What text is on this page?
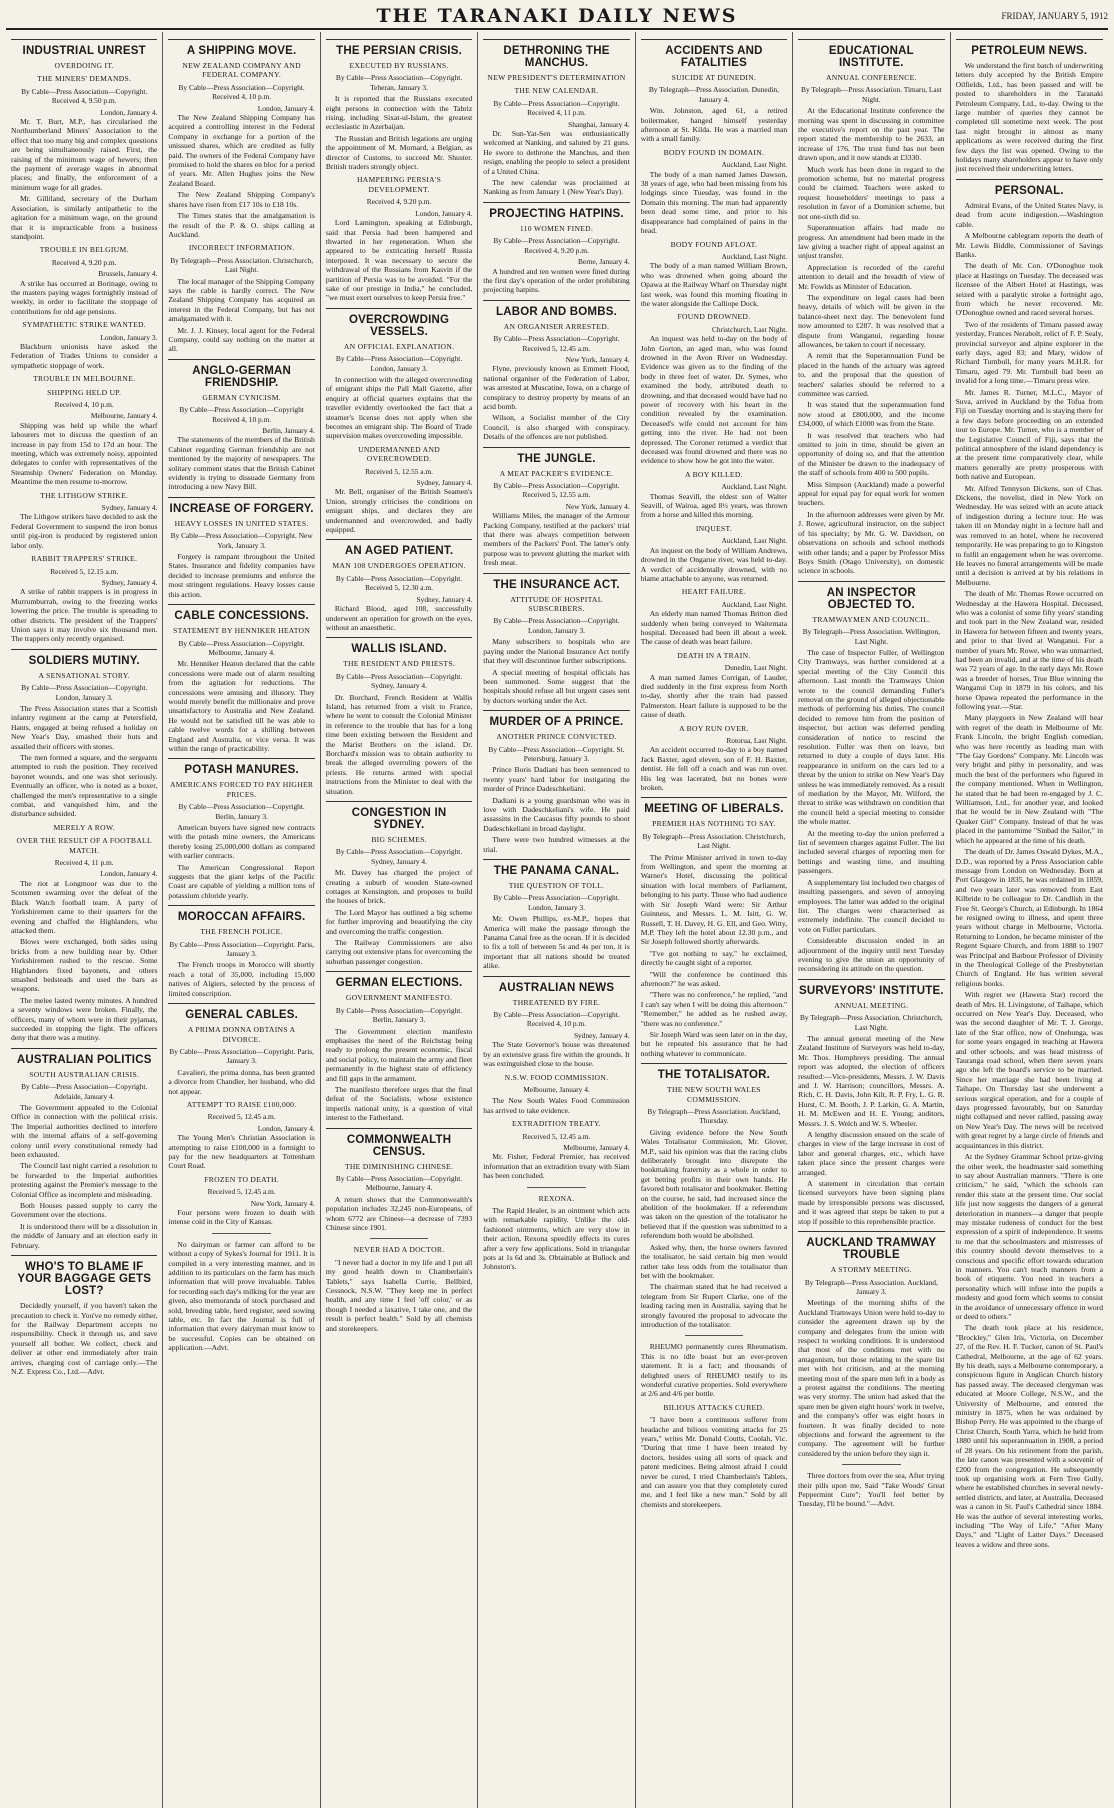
THE TARANAKI DAILY NEWS	FRIDAY, JANUARY 5, 1912
INDUSTRIAL UNREST
OVERDOING IT.
THE MINERS' DEMANDS.
By Cable—Press Association—Copyright. Received 4, 9.50 p.m.
London, January 4.

Mr. T. Burt, M.P., has circularised the Northumberland Miners' Association to the effect that too many big and complex questions are being simultaneously raised. First, the raising of the minimum wage of hewers; then the payment of average wages in abnormal places; and finally, the enforcement of a minimum wage for all grades.

Mr. Gilliland, secretary of the Durham Association, is similarly antipathetic to the agitation for a minimum wage, on the ground that it is impracticable from a business standpoint.

TROUBLE IN BELGIUM.
Received 4, 9.20 p.m.
Brussels, January 4.

A strike has occurred at Borinage, owing to the masters paying wages fortnightly instead of weekly, in order to facilitate the stoppage of contributions for old age pensions.

SYMPATHETIC STRIKE WANTED.
London, January 3.

Blackburn unionists have asked the Federation of Trades Unions to consider a sympathetic stoppage of work.

TROUBLE IN MELBOURNE.
SHIPPING HELD UP.
Received 4, 10 p.m.
Melbourne, January 4.

Shipping was held up while the wharf labourers met to discuss the question of an increase in pay from 15d to 17d an hour. The meeting, which was extremely noisy, appointed delegates to confer with representatives of the Steamship Owners' Federation on Monday. Meantime the men resume to-morrow.

THE LITHGOW STRIKE.
Sydney, January 4.

The Lithgow strikers have decided to ask the Federal Government to suspend the iron bonus until pig-iron is produced by registered union labor only.

RABBIT TRAPPERS' STRIKE.
Received 5, 12.15 a.m.
Sydney, January 4.

A strike of rabbit trappers is in progress in Murrumburrah, owing to the freezing works lowering the price. The trouble is spreading to other districts. The president of the Trappers' Union says it may involve six thousand men. The trappers only recently organised.

SOLDIERS MUTINY.
A SENSATIONAL STORY.
By Cable—Press Association—Copyright. London, January 3.

The Press Association states that a Scottish infantry regiment at the camp at Petersfield, Hants, engaged at being refused a holiday on New Year's Day, smashed their huts and assailed their officers with stones.

The men formed a square, and the sergeants attempted to rush the position. They received bayonet wounds, and one was shot seriously. Eventually an officer, who is noted as a boxer, challenged the men's representative to a single combat, and vanquished him, and the disturbance subsided.

MERELY A ROW.
OVER THE RESULT OF A FOOTBALL MATCH.
Received 4, 11 p.m.
London, January 4.

The riot at Longmoor was due to the Scotsmen swarming over the defeat of the Black Watch football team. A party of Yorkshiremen came to their quarters for the evening and chaffed the Highlanders, who attacked them.

Blows were exchanged, both sides using bricks from a new building near by. Other Yorkshiremen rushed to the rescue. Some Highlanders fixed bayonets, and others smashed bedsteads and used the bars as weapons.

The melee lasted twenty minutes. A hundred a seventy windows were broken. Finally, the officers, many of whom were in their pyjamas, succeeded in stopping the fight. The officers deny that there was a mutiny.

AUSTRALIAN POLITICS
SOUTH AUSTRALIAN CRISIS.
By Cable—Press Association—Copyright. Adelaide, January 4.

The Government appealed to the Colonial Office in connection with the political crisis. The Imperial authorities declined to interfere with the internal affairs of a self-governing colony until every constitutional remedy had been exhausted.

The Council last night carried a resolution to be forwarded to the Imperial authorities protesting against the Premier's message to the Colonial Office as incomplete and misleading.

Both Houses passed supply to carry the Government over the elections.

It is understood there will be a dissolution in the middle of January and an election early in February.

WHO'S TO BLAME IF YOUR BAGGAGE GETS LOST?

Decidedly yourself, if you haven't taken the precaution to check it. You've no remedy either, for the Railway Department accepts no responsibility. Check it through us, and save yourself all bother. We collect, check and deliver at other end immediately after train arrives, charging cost of carriage only.—The N.Z. Express Co., Ltd.—Advt.

A SHIPPING MOVE.
NEW ZEALAND COMPANY AND FEDERAL COMPANY.
By Cable—Press Association—Copyright. Received 4, 10 p.m.
London, January 4.

The New Zealand Shipping Company has acquired a controlling interest in the Federal Company in exchange for a portion of the unissued shares, which are credited as fully paid. The owners of the Federal Company have promised to hold the shares en bloc for a period of years. Mr. Allen Hughes joins the New Zealand Board.

The New Zealand Shipping Company's shares have risen from £17 10s to £18 10s.

The Times states that the amalgamation is the result of the P. & O. ships calling at Auckland.

INCORRECT INFORMATION.
By Telegraph—Press Association. Christchurch, Last Night.

The local manager of the Shipping Company says the cable is hardly correct. The New Zealand Shipping Company has acquired an interest in the Federal Company, but has not amalgamated with it.

Mr. J. J. Kinsey, local agent for the Federal Company, could say nothing on the matter at all.

ANGLO-GERMAN FRIENDSHIP.
GERMAN CYNICISM.
By Cable—Press Association—Copyright Received 4, 10 p.m.
Berlin, January 4.

The statements of the members of the British Cabinet regarding German friendship are not mentioned by the majority of newspapers. The solitary comment states that the British Cabinet evidently is trying to dissuade Germany from introducing a new Navy Bill.

INCREASE OF FORGERY.
HEAVY LOSSES IN UNITED STATES.
By Cable—Press Association—Copyright. New York, January 3.

Forgery is rampant throughout the United States. Insurance and fidelity companies have decided to increase premiums and enforce the most stringent regulations. Heavy losses cause this action.

CABLE CONCESSIONS.
STATEMENT BY HENNIKER HEATON
By Cable—Press Association—Copyright. Melbourne, January 4.

Mr. Henniker Heaton declared that the cable concessions were made out of alarm resulting from the agitation for reductions. The concessions were amusing and illusory. They would merely benefit the millionaire and prove unsatisfactory to Australia and New Zealand. He would not be satisfied till he was able to cable twelve words for a shilling between England and Australia, or vice versa. It was within the range of practicability.

POTASH MANURES.
AMERICANS FORCED TO PAY HIGHER PRICES.
By Cable—Press Association—Copyright. Berlin, January 3.

American buyers have signed new contracts with the potash mine owners, the Americans thereby losing 25,000,000 dollars as compared with earlier contracts.

The American Congressional Report suggests that the giant kelps of the Pacific Coast are capable of yielding a million tons of potassium chloride yearly.

MOROCCAN AFFAIRS.
THE FRENCH POLICE.
By Cable—Press Association—Copyright. Paris, January 3.

The French troops in Morocco will shortly reach a total of 35,000, including 15,000 natives of Algiers, selected by the process of limited conscription.

GENERAL CABLES.
A PRIMA DONNA OBTAINS A DIVORCE.
By Cable—Press Association—Copyright. Paris, January 3.

Cavalieri, the prima donna, has been granted a divorce from Chandler, her husband, who did not appear.

ATTEMPT TO RAISE £100,000.
Received 5, 12.45 a.m.
London, January 4.

The Young Men's Christian Association is attempting to raise £100,000 in a fortnight to pay for the new headquarters at Tottenham Court Road.

FROZEN TO DEATH.
Received 5, 12.45 a.m.
New York, January 4.

Four persons were frozen to death with intense cold in the City of Kansas.

No dairyman or farmer can afford to be without a copy of Sykes's Journal for 1911. It is compiled in a very interesting manner, and in addition to its particulars on the farm has much information that will prove invaluable. Tables for recording each day's milking for the year are given, also memoranda of stock purchased and sold, breeding table, herd register, seed sowing table, etc. In fact the Journal is full of information that every dairyman must know to be successful. Copies can be obtained on application.—Advt.

THE PERSIAN CRISIS.
EXECUTED BY RUSSIANS.
By Cable—Press Association—Copyright. Teheran, January 3.

It is reported that the Russians executed eight persons in connection with the Tabriz rising, including Sixat-ul-Islam, the greatest ecclesiastic in Azerbaijan.

The Russian and British legations are urging the appointment of M. Mornard, a Belgian, as director of Customs, to succeed Mr. Shuster. British traders strongly object.

HAMPERING PERSIA'S DEVELOPMENT.
Received 4, 9.20 p.m.
London, January 4.

Lord Lamington, speaking at Edinburgh, said that Persia had been hampered and thwarted in her regeneration. When she appeared to be extricating herself Russia interposed. It was necessary to secure the withdrawal of the Russians from Kasvin if the partition of Persia was to be avoided. "For the sake of our prestige in India," he concluded, "we must exert ourselves to keep Persia free."

OVERCROWDING VESSELS.
AN OFFICIAL EXPLANATION.
By Cable—Press Association—Copyright. London, January 3.

In connection with the alleged overcrowding of emigrant ships the Pall Mall Gazette, after enquiry at official quarters explains that the traveller evidently overlooked the fact that a steamer's license does not apply when she becomes an emigrant ship. The Board of Trade supervision makes overcrowding impossible.

UNDERMANNED AND OVERCROWDED.
Received 5, 12.55 a.m.
Sydney, January 4.

Mr. Bell, organiser of the British Seamen's Union, strongly criticises the conditions on emigrant ships, and declares they are undermanned and overcrowded, and badly equipped.

AN AGED PATIENT.
MAN 108 UNDERGOES OPERATION.
By Cable—Press Association—Copyright. Received 5, 12.30 a.m.
Sydney, January 4.

Richard Blood, aged 108, successfully underwent an operation for growth on the eyes, without an anaesthetic.

WALLIS ISLAND.
THE RESIDENT AND PRIESTS.
By Cable—Press Association—Copyright. Sydney, January 4.

Dr. Borchard, French Resident at Wallis Island, has returned from a visit to France, where he went to consult the Colonial Minister in reference to the trouble that has for a long time been existing between the Resident and the Marist Brothers on the island. Dr. Borchard's mission was to obtain authority to break the alleged overruling powers of the priests. He returns armed with special instructions from the Minister to deal with the situation.

CONGESTION IN SYDNEY.
BIG SCHEMES.
By Cable—Press Association—Copyright. Sydney, January 4.

Mr. Davey has charged the project of creating a suburb of wooden State-owned cottages at Kensington, and proposes to build the houses of brick.

The Lord Mayor has outlined a big scheme for further improving and beautifying the city and overcoming the traffic congestion.

The Railway Commissioners are also carrying out extensive plans for overcoming the suburban passenger congestion.

GERMAN ELECTIONS.
GOVERNMENT MANIFESTO.
By Cable—Press Association—Copyright. Berlin, January 3.

The Government election manifesto emphasises the need of the Reichstag being ready to prolong the present economic, fiscal and social policy, to maintain the army and fleet permanently in the highest state of efficiency and fill gaps in the armament.

The manifesto therefore urges that the final defeat of the Socialists, whose existence imperils national unity, is a question of vital interest to the Fatherland.

COMMONWEALTH CENSUS.
THE DIMINISHING CHINESE.
By Cable—Press Association—Copyright. Melbourne, January 4.

A return shows that the Commonwealth's population includes 32,245 non-Europeans, of whom 6772 are Chinese—a decrease of 7393 Chinese since 1901.

NEVER HAD A DOCTOR.

"I never had a doctor in my life and I put all my good health down to Chamberlain's Tablets," says Isabella Currie, Bellbird, Cessnock, N.S.W. "They keep me in perfect health, and any time I feel 'off color,' or as though I needed a laxative, I take one, and the result is perfect health." Sold by all chemists and storekeepers.

DETHRONING THE MANCHUS.
NEW PRESIDENT'S DETERMINATION
THE NEW CALENDAR.
By Cable—Press Association—Copyright. Received 4, 11 p.m.
Shanghai, January 4.

Dr. Sun-Yat-Sen was enthusiastically welcomed at Nanking, and saluted by 21 guns. He swore to dethrone the Manchus, and then resign, enabling the people to select a president of a United China.

The new calendar was proclaimed at Nanking as from January 1 (New Year's Day).

PROJECTING HATPINS.
110 WOMEN FINED.
By Cable—Press Association—Copyright. Received 4, 9.20 p.m.
Berne, January 4.

A hundred and ten women were fined during the first day's operation of the order prohibiting projecting hatpins.

LABOR AND BOMBS.
AN ORGANISER ARRESTED.
By Cable—Press Association—Copyright. Received 5, 12.45 a.m.
New York, January 4.

Flyne, previously known as Emmett Flood, national organiser of the Federation of Labor, was arrested at Muscatine, Iowa, on a charge of conspiracy to destroy property by means of an acid bomb.

Wilson, a Socialist member of the City Council, is also charged with conspiracy. Details of the offences are not published.

THE JUNGLE.
A MEAT PACKER'S EVIDENCE.
By Cable—Press Association—Copyright. Received 5, 12.55 a.m.
New York, January 4.

Williams Miles, the manager of the Armour Packing Company, testified at the packers' trial that there was always competition between members of the Packers' Pool. The latter's only purpose was to prevent glutting the market with fresh meat.

THE INSURANCE ACT.
ATTITUDE OF HOSPITAL SUBSCRIBERS.
By Cable—Press Association—Copyright. London, January 3.

Many subscribers to hospitals who are paying under the National Insurance Act notify that they will discontinue further subscriptions.

A special meeting of hospital officials has been summoned. Some suggest that the hospitals should refuse all but urgent cases sent by doctors working under the Act.

MURDER OF A PRINCE.
ANOTHER PRINCE CONVICTED.
By Cable—Press Association—Copyright. St. Petersburg, January 3.

Prince Boris Dadiani has been sentenced to twenty years' hard labor for instigating the murder of Prince Dadeschkeliani.

Dadiani is a young guardsman who was in love with Dadeschkeliani's wife. He paid assassins in the Caucasus fifty pounds to shoot Dadeschkeliani in broad daylight.

There were two hundred witnesses at the trial.

THE PANAMA CANAL.
THE QUESTION OF TOLL.
By Cable—Press Association—Copyright. London, January 3.

Mr. Owen Phillips, ex-M.P., hopes that America will make the passage through the Panama Canal free as the ocean. If it is decided to fix a toll of between 5s and 4s per ton, it is important that all nations should be treated alike.

AUSTRALIAN NEWS
THREATENED BY FIRE.
By Cable—Press Association—Copyright. Received 4, 10 p.m.
Sydney, January 4.

The State Governor's house was threatened by an extensive grass fire within the grounds. It was extinguished close to the house.

N.S.W. FOOD COMMISSION.
Melbourne, January 4.

The New South Wales Food Commission has arrived to take evidence.

EXTRADITION TREATY.
Received 5, 12.45 a.m.
Melbourne, January 4.

Mr. Fisher, Federal Premier, has received information that an extradition treaty with Siam has been concluded.

REXONA.

The Rapid Healer, is an ointment which acts with remarkable rapidity. Unlike the old-fashioned ointments, which are very slow in their action, Rexona speedily effects its cures after a very few applications. Sold in triangular pots at 1s 6d and 3s. Obtainable at Bullock and Johnston's.

ACCIDENTS AND FATALITIES
SUICIDE AT DUNEDIN.
By Telegraph—Press Association. Dunedin, January 4.

Wm. Johnston, aged 61, a retired boilermaker, hanged himself yesterday afternoon at St. Kilda. He was a married man with a small family.

BODY FOUND IN DOMAIN.
Auckland, Last Night.

The body of a man named James Dawson, 38 years of age, who had been missing from his lodgings since Tuesday, was found in the Domain this morning. The man had apparently been dead some time, and prior to his disappearance had complained of pains in the head.

BODY FOUND AFLOAT.
Auckland, Last Night.

The body of a man named William Brown, who was drowned when going aboard the Opawa at the Railway Wharf on Thursday night last week, was found this morning floating in the water alongside the Calliope Dock.

FOUND DROWNED.
Christchurch, Last Night.

An inquest was held to-day on the body of John Gorton, an aged man, who was found drowned in the Avon River on Wednesday. Evidence was given as to the finding of the body in three feet of water. Dr. Symes, who examined the body, attributed death to drowning, and that deceased would have had no power of recovery with his heart in the condition revealed by the examination. Deceased's wife could not account for him getting into the river. He had not been depressed. The Coroner returned a verdict that deceased was found drowned and there was no evidence to show how he got into the water.

A BOY KILLED.
Auckland, Last Night.

Thomas Seavill, the eldest son of Walter Seavill, of Wairoa, aged 8½ years, was thrown from a horse and killed this morning.

INQUEST.
Auckland, Last Night.

An inquest on the body of William Andrews, drowned in the Ongarue river, was held to-day. A verdict of accidentally drowned, with no blame attachable to anyone, was returned.

HEART FAILURE.
Auckland, Last Night.

An elderly man named Thomas Britton died suddenly when being conveyed to Waitemata hospital. Deceased had been ill about a week. The cause of death was heart failure.

DEATH IN A TRAIN.
Dunedin, Last Night.

A man named James Corrigan, of Lauder, died suddenly in the first express from North to-day, shortly after the train had passed Palmerston. Heart failure is supposed to be the cause of death.

A BOY RUN OVER.
Rotorua, Last Night.

An accident occurred to-day to a boy named Jack Baxter, aged eleven, son of F. H. Baxter, dentist. He fell off a coach and was run over. His leg was lacerated, but no bones were broken.

MEETING OF LIBERALS.
PREMIER HAS NOTHING TO SAY.
By Telegraph—Press Association. Christchurch, Last Night.

The Prime Minister arrived in town to-day from Wellington, and spent the morning at Warner's Hotel, discussing the political situation with local members of Parliament, belonging to his party. Those who had audience with Sir Joseph Ward were: Sir Arthur Guinness, and Messrs. L. M. Isitt, G. W. Russell, T. H. Davey, H. G. Ell, and Geo. Witty, M.P. They left the hotel about 12.30 p.m., and Sir Joseph followed shortly afterwards.

"I've got nothing to say," he exclaimed, directly he caught sight of a reporter.

"Will the conference be continued this afternoon?" he was asked.

"There was no conference," he replied, "and I can't say when I will be doing this afternoon." "Remember," he added as he rushed away, "there was no conference."

Sir Joseph Ward was seen later on in the day, but he repeated his assurance that he had nothing whatever to communicate.

THE TOTALISATOR.
THE NEW SOUTH WALES COMMISSION.
By Telegraph—Press Association. Auckland, Thursday.

Giving evidence before the New South Wales Totalisator Commission, Mr. Glover, M.P., said his opinion was that the racing clubs deliberately brought into disrepute the bookmaking fraternity as a whole in order to get betting profits in their own hands. He favored both totalisator and bookmaker. Betting on the course, he said, had increased since the abolition of the bookmaker. If a referendum was taken on the question of the totalisator he believed that if the question was submitted to a referendum both would be abolished.

Asked why, then, the horse owners favored the totalisator, he said certain big men would rather take less odds from the totalisator than bet with the bookmaker.

The chairman stated that he had received a telegram from Sir Rupert Clarke, one of the leading racing men in Australia, saying that he strongly favoured the proposal to advocate the introduction of the totalisator.

RHEUMO permanently cures Rheumatism. This is no idle boast but an ever-proven statement. It is a fact; and thousands of delighted users of RHEUMO testify to its wonderful curative properties. Sold everywhere at 2/6 and 4/6 per bottle.

BILIOUS ATTACKS CURED.

"I have been a continuous sufferer from headache and bilious vomiting attacks for 25 years," writes Mr. Donald Coutts, Coolah, Vic. "During that time I have been treated by doctors, besides using all sorts of quack and patent medicines. Being almost afraid I could never be cured, I tried Chamberlain's Tablets, and can assure you that they completely cured me, and I feel like a new man." Sold by all chemists and storekeepers.

EDUCATIONAL INSTITUTE.
ANNUAL CONFERENCE.
By Telegraph—Press Association. Timaru, Last Night.

At the Educational Institute conference the morning was spent in discussing in committee the executive's report on the past year. The report stated the membership to be 2633, an increase of 176. The trust fund has not been drawn upon, and it now stands at £3330.

Much work has been done in regard to the promotion scheme, but no material progress could be claimed. Teachers were asked to request householders' meetings to pass a resolution in favor of a Dominion scheme, but not one-sixth did so.

Superannuation affairs had made no progress. An amendment had been made in the law giving a teacher right of appeal against an unjust transfer.

Appreciation is recorded of the careful attention to detail and the breadth of view of Mr. Fowlds as Minister of Education.

The expenditure on legal cases had been heavy, details of which will be given in the balance-sheet next day. The benevolent fund now amounted to £287. It was resolved that a dispute from Wanganui, regarding house allowances, be taken to court if necessary.

A remit that the Superannuation Fund be placed in the hands of the actuary was agreed to, and the proposal that the question of teachers' salaries should be referred to a committee was carried.

It was stated that the superannuation fund now stood at £800,000, and the income £34,000, of which £1000 was from the State.

It was resolved that teachers who had omitted to join in time, should be given an opportunity of doing so, and that the attention of the Minister be drawn to the inadequacy of the staff of schools from 400 to 500 pupils.

Miss Simpson (Auckland) made a powerful appeal for equal pay for equal work for women teachers.

In the afternoon addresses were given by Mr. J. Rowe, agricultural instructor, on the subject of his specialty; by Mr. G. W. Davidson, on observations on schools and school methods with other lands; and a paper by Professor Miss Boys Smith (Otago University), on domestic science in schools.

AN INSPECTOR OBJECTED TO.
TRAMWAYMEN AND COUNCIL.
By Telegraph—Press Association. Wellington, Last Night.

The case of Inspector Fuller, of Wellington City Tramways, was further considered at a special meeting of the City Council this afternoon. Last month the Tramways Union wrote to the council demanding Fuller's removal on the ground of alleged objectionable methods of performing his duties. The council decided to remove him from the position of inspector, but action was deferred pending consideration of notice to rescind the resolution. Fuller was then on leave, but returned to duty a couple of days later. His reappearance in uniform on the cars led to a threat by the union to strike on New Year's Day unless he was immediately removed. As a result of mediation by the Mayor, Mr. Wilford, the threat to strike was withdrawn on condition that the council held a special meeting to consider the whole matter.

At the meeting to-day the union preferred a list of seventeen charges against Fuller. The list included several charges of reporting men for bettings and wasting time, and insulting passengers.

A supplementary list included two charges of insulting passengers, and seven of annoying employees. The latter was added to the original list. The charges were characterised as extremely indefinite. The council decided to vote on Fuller particulars.

Considerable discussion ended in an adjournment of the inquiry until next Tuesday evening to give the union an opportunity of reconsidering its attitude on the question.

SURVEYORS' INSTITUTE.
ANNUAL MEETING.
By Telegraph—Press Association. Christchurch, Last Night.

The annual general meeting of the New Zealand Institute of Surveyors was held to-day, Mr. Thos. Humphreys presiding. The annual report was adopted, the election of officers resulted:—Vice-presidents, Messrs. J. W. Davis and J. W. Harrison; councillors, Messrs. A. Rich, C. H. Davis, John Kilt, R. P. Fry, L. G. R. Hurst, C. M. Booth, J. P. Larkin, G. A. Martin, H. M. McEwen and H. E. Young; auditors, Messrs. J. S. Welch and W. S. Wheeler.

A lengthy discussion ensued on the scale of charges in view of the large increase in cost of labor and general charges, etc., which have taken place since the present charges were arranged.

A statement in circulation that certain licensed surveyors have been signing plans made by irresponsible persons was discussed, and it was agreed that steps be taken to put a stop if possible to this reprehensible practice.

AUCKLAND TRAMWAY TROUBLE
A STORMY MEETING.
By Telegraph—Press Association. Auckland, January 3.

Meetings of the morning shifts of the Auckland Tramways Union were held to-day to consider the agreement drawn up by the company and delegates from the union with respect to working conditions. It is understood that most of the conditions met with no antagonism, but those relating to the spare list met with hot criticism, and at the morning meeting most of the spare men left in a body as a protest against the conditions. The meeting was very stormy. The union had asked that the spare men be given eight hours' work in twelve, and the company's offer was eight hours in fourteen. It was finally decided to note objections and forward the agreement to the company. The agreement will be further considered by the union before they sign it.

Three doctors from over the sea, After trying their pills upon me, Said "Take Woods' Great Peppermint Cure"; You'll feel better by Tuesday, I'll be bound."—Advt.

PETROLEUM NEWS.

We understand the first batch of underwriting letters duly accepted by the British Empire Oilfields, Ltd., has been passed and will be posted to shareholders in the Taranaki Petroleum Company, Ltd., to-day. Owing to the large number of queries they cannot be completed till sometime next week. The post last night brought in almost as many applications as were received during the first few days the list was opened. Owing to the holidays many shareholders appear to have only just received their underwriting letters.

PERSONAL.

Admiral Evans, of the United States Navy, is dead from acute indigestion.—Washington cable.

A Melbourne cablegram reports the death of Mr. Lewis Biddle, Commissioner of Savings Banks.

The death of Mr. Con. O'Donoghue took place at Hastings on Tuesday. The deceased was licensee of the Albert Hotel at Hastings, was seized with a paralytic stroke a fortnight ago, from which he never recovered. Mr. O'Donoghue owned and raced several horses.

Two of the residents of Timaru passed away yesterday, Frances Nerabolt, relict of F. P. Sealy, provincial surveyor and alpine explorer in the early days, aged 83; and Mary, widow of Richard Turnbull, for many years M.H.R. for Timaru, aged 79. Mr. Turnbull had been an invalid for a long time.—Timaru press wire.

Mr. James R. Turner, M.L.C., Mayor of Suva, arrived in Auckland by the Tofua from Fiji on Tuesday morning and is staying there for a few days before proceeding on an extended tour to Europe. Mr. Turner, who is a member of the Legislative Council of Fiji, says that the political atmosphere of the island dependency is at the present time comparatively clear, while matters generally are pretty prosperous with both native and European.

Mr. Alfred Tennyson Dickens, son of Chas. Dickens, the novelist, died in New York on Wednesday. He was seized with an acute attack of indigestion during a lecture tour. He was taken ill on Monday night in a lecture hall and was removed to an hotel, where he recovered temporarily. He was preparing to go to Kingston to fulfil an engagement when he was overcome. He leaves no funeral arrangements will be made until a decision is arrived at by his relations in Melbourne.

The death of Mr. Thomas Rowe occurred on Wednesday at the Hawera Hospital. Deceased, who was a colonist of some fifty years' standing and took part in the New Zealand war, resided in Hawera for between fifteen and twenty years, and prior to that lived at Wanganui. For a number of years Mr. Rowe, who was unmarried, had been an invalid, and at the time of his death was 72 years of age. In the early days Mr. Rowe was a breeder of horses, True Blue winning the Wanganui Cup in 1879 in his colors, and his horse Opawa repeated the performance in the following year.—Star.

Many playgoers in New Zealand will hear with regret of the death in Melbourne of Mr. Frank Lincoln, the bright English comedian, who was here recently as leading man with "The Gay Gordons" Company. Mr. Lincoln was very bright and pithy in personality, and was much the best of the performers who figured in the company mentioned. When in Wellington, he stated that he had been re-engaged by J. C. Williamson, Ltd., for another year, and looked that he would be in New Zealand with "The Quaker Girl" Company. Instead of that he was placed in the pantomime "Sinbad the Sailor," in which he appeared at the time of his death.

The death of Dr. James Oswald Dykes, M.A., D.D., was reported by a Press Association cable message from London on Wednesday. Born at Port Glasgow in 1835, he was ordained in 1859, and two years later was removed from East Kilbride to be colleague to Dr. Candlish in the Free St. George's Church, at Edinburgh. In 1864 he resigned owing to illness, and spent three years without charge in Melbourne, Victoria. Returning to London, he became minister of the Regent Square Church, and from 1888 to 1907 was Principal and Barbour Professor of Divinity in the Theological College of the Presbyterian Church of England. He has written several religious books.

With regret we (Hawera Star) record the death of Mrs. H. Livingstone, of Taihape, which occurred on New Year's Day. Deceased, who was the second daughter of Mr. T. J. George, late of the Star office, now of Onehunga, was for some years engaged in teaching at Hawera and other schools, and was head mistress of Tauranga road school, when there seven years ago she left the board's service to be married. Since her marriage she had been living at Taihape. On Thursday last she underwent a serious surgical operation, and for a couple of days progressed favourably, but on Saturday night collapsed and never rallied, passing away on New Year's Day. The news will be received with great regret by a large circle of friends and acquaintances in this district.

At the Sydney Grammar School prize-giving the other week, the headmaster said something to say about Australian manners. "There is one criticism," he said, "which the schools can render this state at the present time. Our social life just now suggests the dangers of a general deterioration in manners—a danger that people may mistake rudeness of conduct for the best expression of a spirit of independence. It seems to me that the schoolmasters and mistresses of this country should devote themselves to a conscious and specific effort towards education in manners. You can't teach manners from a book of etiquette. You need in teachers a personality which will infuse into the pupils a modesty and good form which seems to consist in the avoidance of unnecessary offence in word or deed to others."

The death took place at his residence, "Brockley," Glen Iris, Victoria, on December 27, of the Rev. H. F. Tucker, canon of St. Paul's Cathedral, Melbourne, at the age of 62 years. By his death, says a Melbourne contemporary, a conspicuous figure in Anglican Church history has passed away. The deceased clergyman was educated at Moore College, N.S.W., and the University of Melbourne, and entered the ministry in 1875, when he was ordained by Bishop Perry. He was appointed to the charge of Christ Church, South Yarra, which he held from 1880 until his superannuation in 1908, a period of 28 years. On his retirement from the parish, the late canon was presented with a souvenir of £200 from the congregation. He subsequently took up organising work at Fern Tree Gully, where he established churches in several newly-settled districts, and later, at Australia, Deceased was a canon in St. Paul's Cathedral since 1884. He was the author of several interesting works, including "The Way of Life," "After Many Days," and "Light of Latter Days." Deceased leaves a widow and three sons.
